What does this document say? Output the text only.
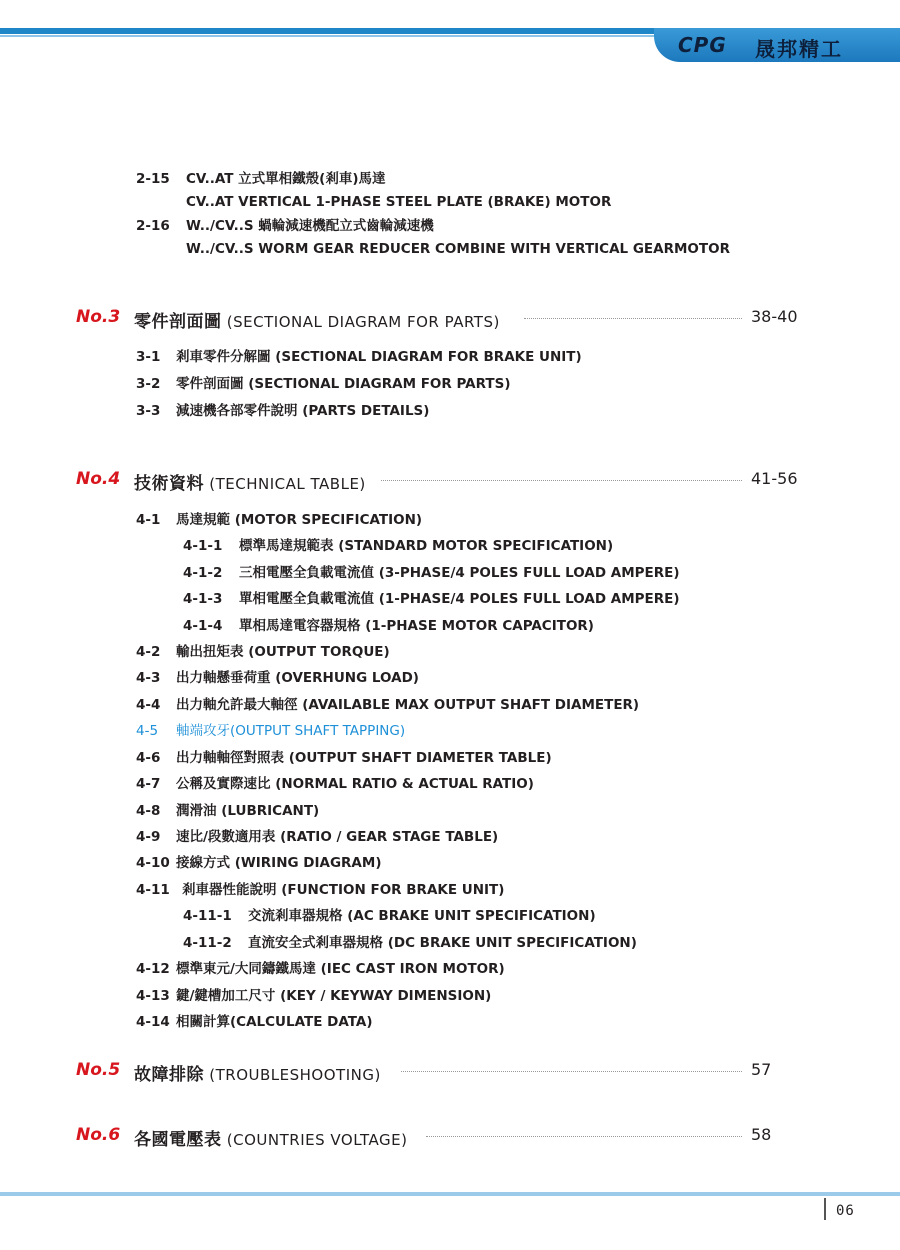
CPG 晟邦精工
2-15 CV..AT 立式單相鐵殼(剎車)馬達
CV..AT VERTICAL 1-PHASE STEEL PLATE (BRAKE) MOTOR
2-16 W../CV..S 蝸輪減速機配立式齒輪減速機
W../CV..S WORM GEAR REDUCER COMBINE WITH VERTICAL GEARMOTOR
No.3 零件剖面圖 (SECTIONAL DIAGRAM FOR PARTS)	38-40
3-1 剎車零件分解圖 (SECTIONAL DIAGRAM FOR BRAKE UNIT)
3-2 零件剖面圖 (SECTIONAL DIAGRAM FOR PARTS)
3-3 減速機各部零件說明 (PARTS DETAILS)
No.4 技術資料 (TECHNICAL TABLE)	41-56
4-1 馬達規範 (MOTOR SPECIFICATION)
4-1-1 標準馬達規範表 (STANDARD MOTOR SPECIFICATION)
4-1-2 三相電壓全負載電流值 (3-PHASE/4 POLES FULL LOAD AMPERE)
4-1-3 單相電壓全負載電流值 (1-PHASE/4 POLES FULL LOAD AMPERE)
4-1-4 單相馬達電容器規格 (1-PHASE MOTOR CAPACITOR)
4-2 輸出扭矩表 (OUTPUT TORQUE)
4-3 出力軸懸垂荷重 (OVERHUNG LOAD)
4-4 出力軸允許最大軸徑 (AVAILABLE MAX OUTPUT SHAFT DIAMETER)
4-5 軸端攻牙(OUTPUT SHAFT TAPPING)
4-6 出力軸軸徑對照表 (OUTPUT SHAFT DIAMETER TABLE)
4-7 公稱及實際速比 (NORMAL RATIO & ACTUAL RATIO)
4-8 潤滑油 (LUBRICANT)
4-9 速比/段數適用表 (RATIO / GEAR STAGE TABLE)
4-10 接線方式 (WIRING DIAGRAM)
4-11 剎車器性能說明 (FUNCTION FOR BRAKE UNIT)
4-11-1 交流剎車器規格 (AC BRAKE UNIT SPECIFICATION)
4-11-2 直流安全式剎車器規格 (DC BRAKE UNIT SPECIFICATION)
4-12 標準東元/大同鑄鐵馬達 (IEC CAST IRON MOTOR)
4-13 鍵/鍵槽加工尺寸 (KEY / KEYWAY DIMENSION)
4-14 相關計算(CALCULATE DATA)
No.5 故障排除 (TROUBLESHOOTING)	57
No.6 各國電壓表 (COUNTRIES VOLTAGE)	58
06
